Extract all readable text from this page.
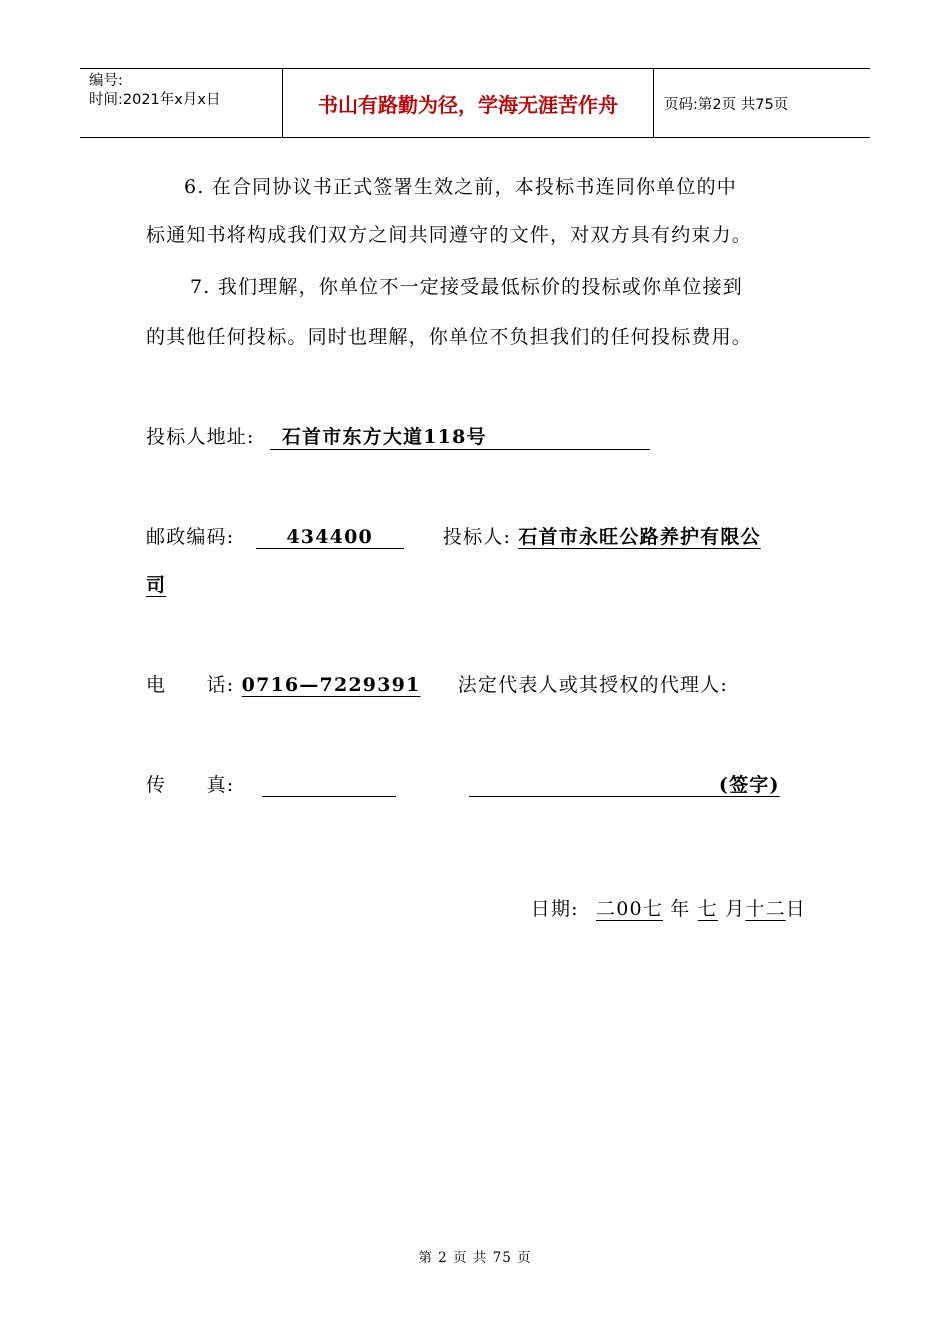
编号:
时间:2021年x月x日	书山有路勤为径，学海无涯苦作舟	页码:第2页 共75页
6. 在合同协议书正式签署生效之前，本投标书连同你单位的中
标通知书将构成我们双方之间共同遵守的文件，对双方具有约束力。
7. 我们理解，你单位不一定接受最低标价的投标或你单位接到
的其他任何投标。同时也理解，你单位不负担我们的任何投标费用。
投标人地址: 石首市东方大道118号
邮政编码:	434400	投标人: 石首市永旺公路养护有限公
司
电　　话: 0716—7229391 法定代表人或其授权的代理人:
传　　真:	(签字)
日期: 二00七 年 七 月十二日
第 2 页 共 75 页
